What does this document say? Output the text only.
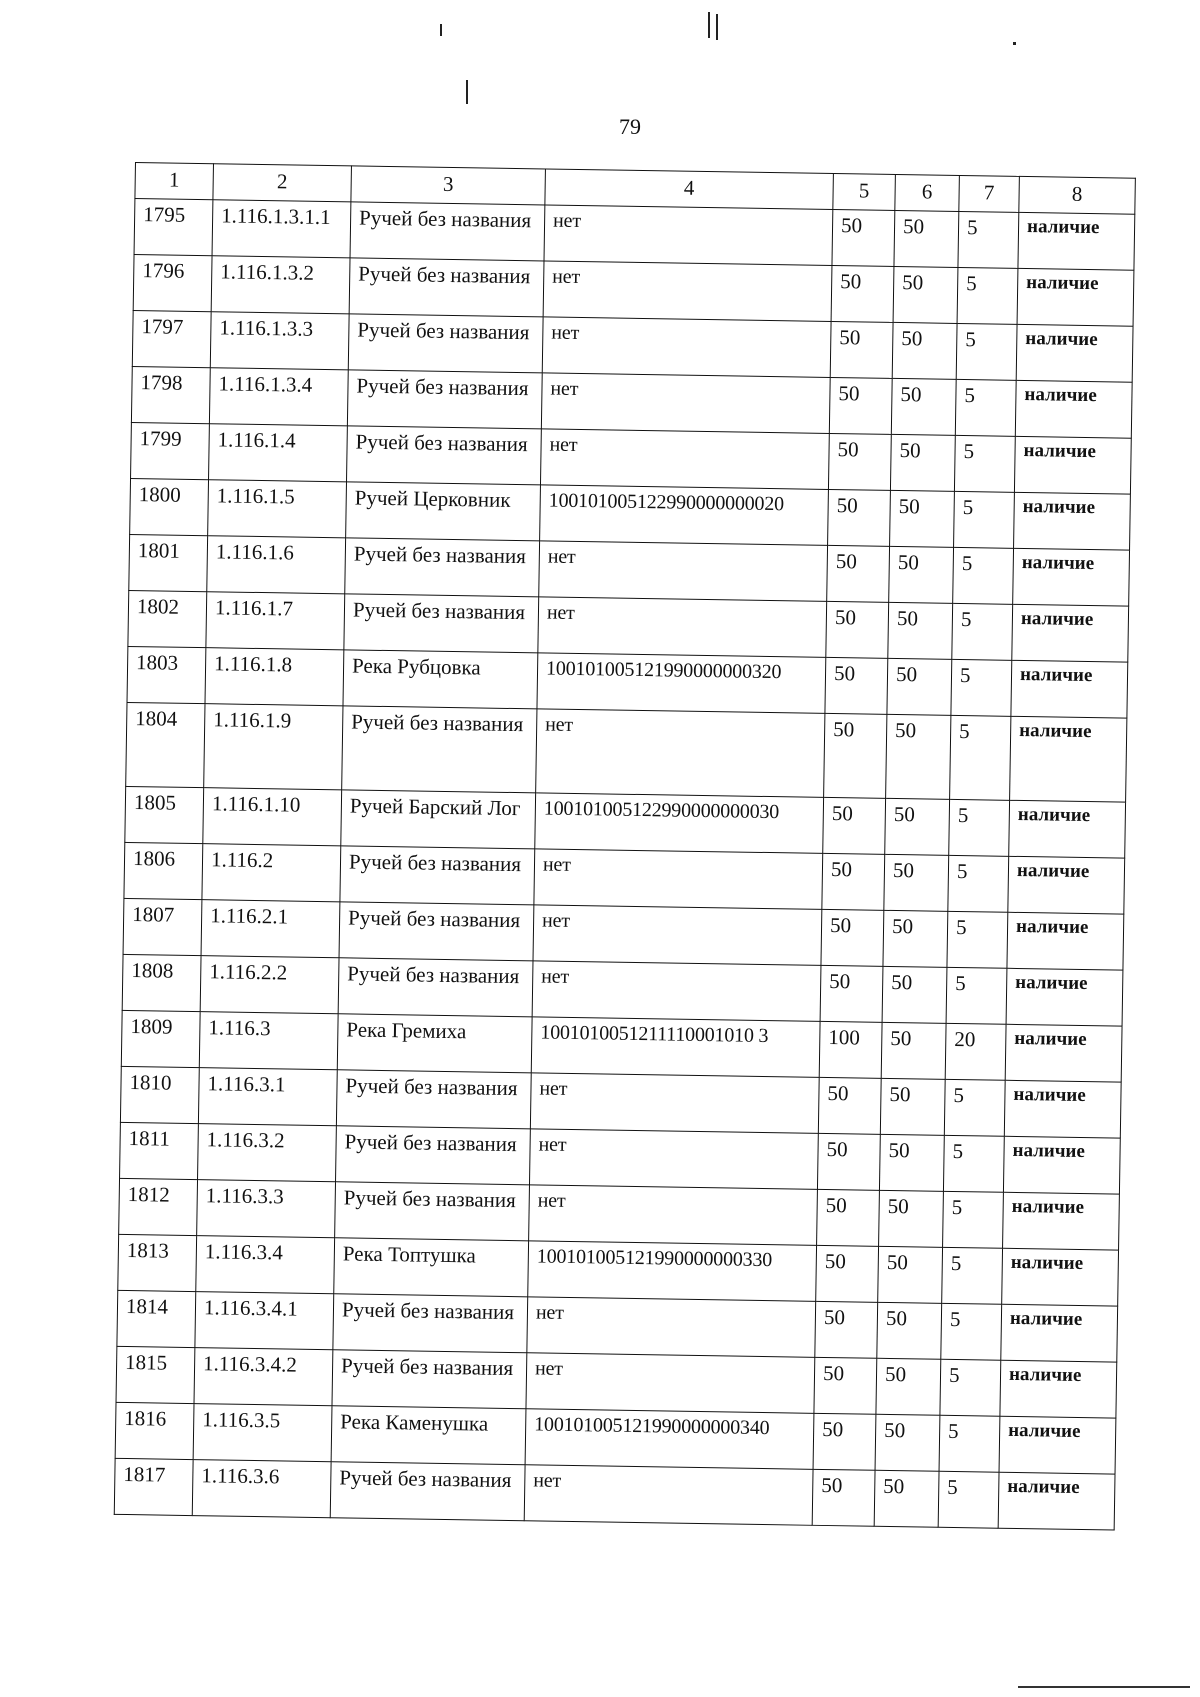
79
1	2	3	4	5	6	7	8
1795	1.116.1.3.1.1	Ручей без названия	нет	50	50	5	наличие
1796	1.116.1.3.2	Ручей без названия	нет	50	50	5	наличие
1797	1.116.1.3.3	Ручей без названия	нет	50	50	5	наличие
1798	1.116.1.3.4	Ручей без названия	нет	50	50	5	наличие
1799	1.116.1.4	Ручей без названия	нет	50	50	5	наличие
1800	1.116.1.5	Ручей Церковник	100101005122990000000020	50	50	5	наличие
1801	1.116.1.6	Ручей без названия	нет	50	50	5	наличие
1802	1.116.1.7	Ручей без названия	нет	50	50	5	наличие
1803	1.116.1.8	Река Рубцовка	100101005121990000000320	50	50	5	наличие
1804	1.116.1.9	Ручей без названия	нет	50	50	5	наличие
1805	1.116.1.10	Ручей Барский Лог	100101005122990000000030	50	50	5	наличие
1806	1.116.2	Ручей без названия	нет	50	50	5	наличие
1807	1.116.2.1	Ручей без названия	нет	50	50	5	наличие
1808	1.116.2.2	Ручей без названия	нет	50	50	5	наличие
1809	1.116.3	Река Гремиха	1001010051211110001010 3	100	50	20	наличие
1810	1.116.3.1	Ручей без названия	нет	50	50	5	наличие
1811	1.116.3.2	Ручей без названия	нет	50	50	5	наличие
1812	1.116.3.3	Ручей без названия	нет	50	50	5	наличие
1813	1.116.3.4	Река Топтушка	100101005121990000000330	50	50	5	наличие
1814	1.116.3.4.1	Ручей без названия	нет	50	50	5	наличие
1815	1.116.3.4.2	Ручей без названия	нет	50	50	5	наличие
1816	1.116.3.5	Река Каменушка	100101005121990000000340	50	50	5	наличие
1817	1.116.3.6	Ручей без названия	нет	50	50	5	наличие
